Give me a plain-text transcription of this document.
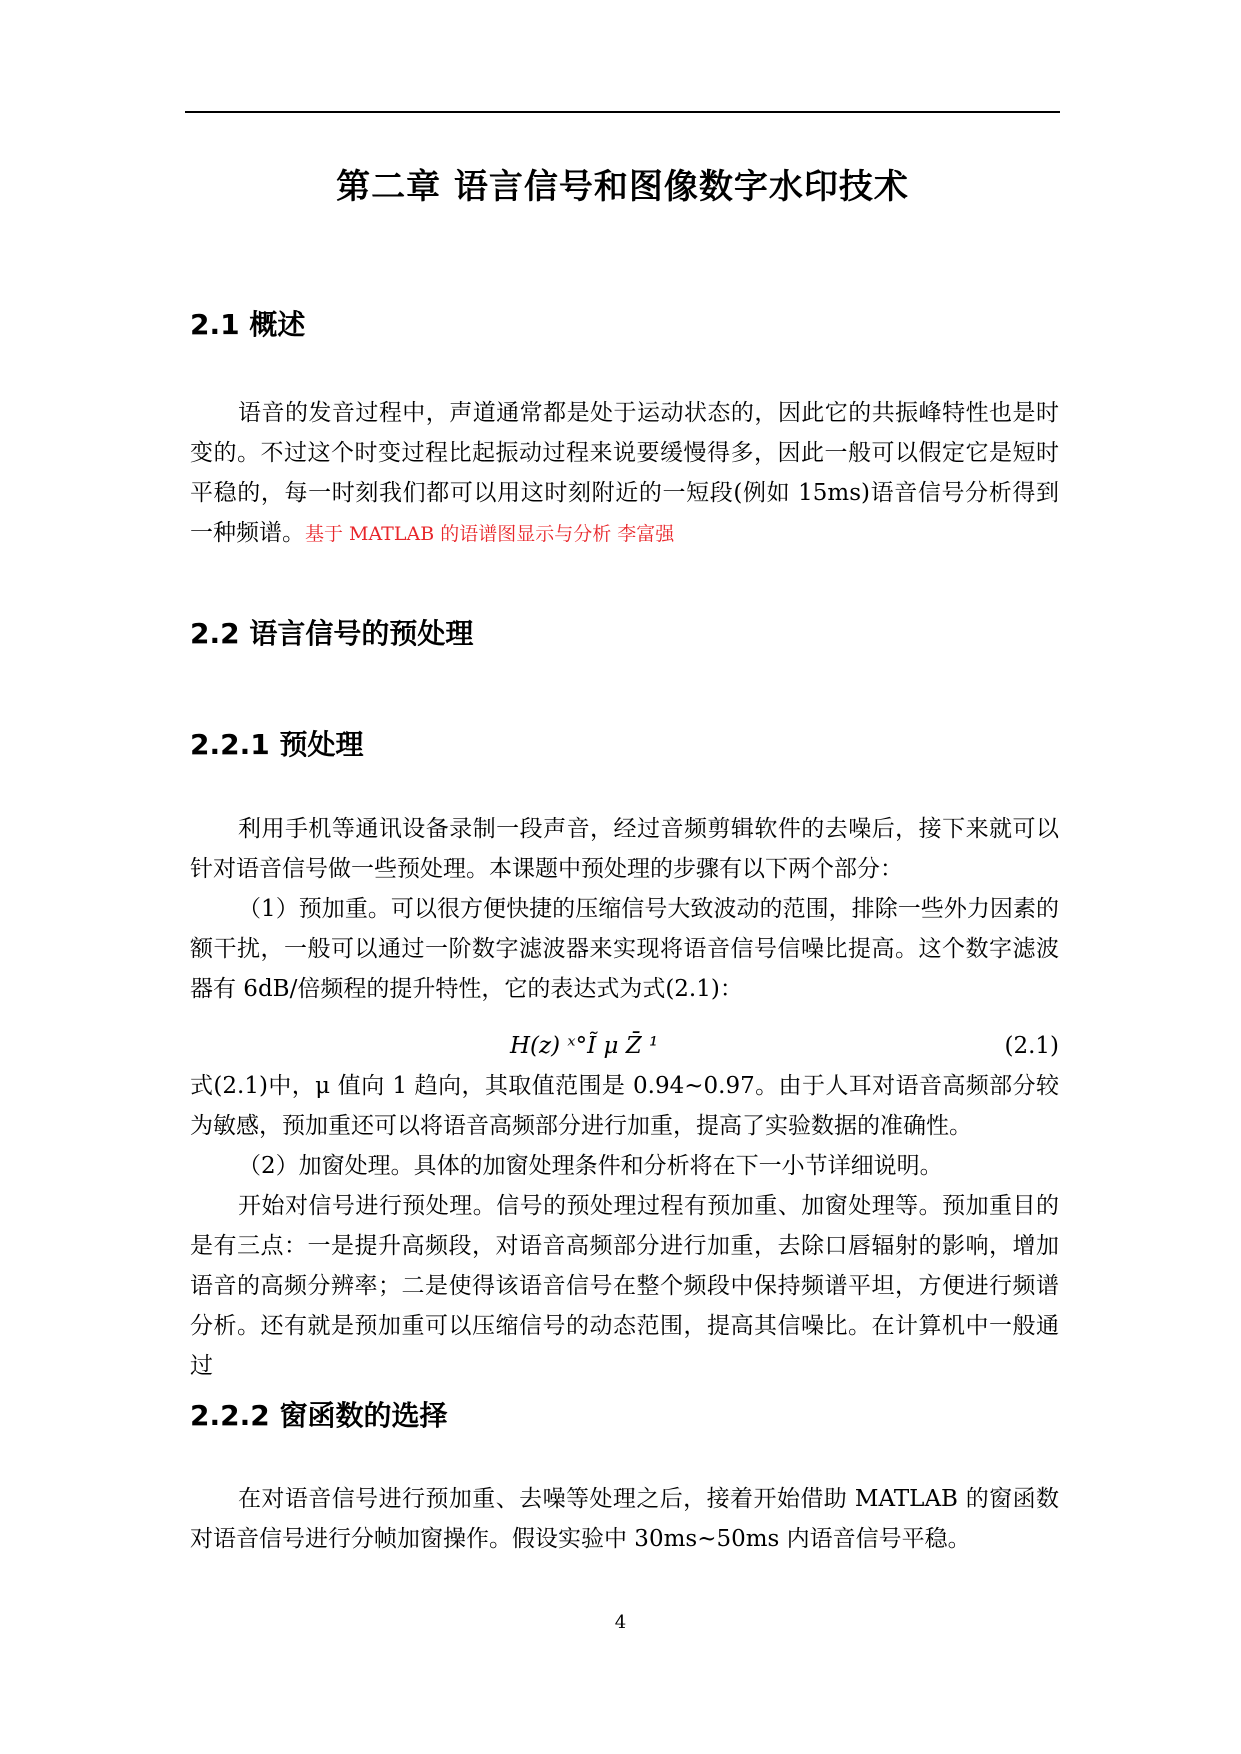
第二章 语言信号和图像数字水印技术
2.1 概述

语音的发音过程中，声道通常都是处于运动状态的，因此它的共振峰特性也是时变的。不过这个时变过程比起振动过程来说要缓慢得多，因此一般可以假定它是短时平稳的，每一时刻我们都可以用这时刻附近的一短段(例如 15ms)语音信号分析得到一种频谱。基于 MATLAB 的语谱图显示与分析 李富强

2.2 语言信号的预处理
2.2.1 预处理

利用手机等通讯设备录制一段声音，经过音频剪辑软件的去噪后，接下来就可以针对语音信号做一些预处理。本课题中预处理的步骤有以下两个部分：

（1）预加重。可以很方便快捷的压缩信号大致波动的范围，排除一些外力因素的额干扰，一般可以通过一阶数字滤波器来实现将语音信号信噪比提高。这个数字滤波器有 6dB/倍频程的提升特性，它的表达式为式(2.1)：

H(z) ˣ°Ĩ μ Z̄ ¹	(2.1)

式(2.1)中，μ 值向 1 趋向，其取值范围是 0.94~0.97。由于人耳对语音高频部分较为敏感，预加重还可以将语音高频部分进行加重，提高了实验数据的准确性。

（2）加窗处理。具体的加窗处理条件和分析将在下一小节详细说明。

开始对信号进行预处理。信号的预处理过程有预加重、加窗处理等。预加重目的是有三点：一是提升高频段，对语音高频部分进行加重，去除口唇辐射的影响，增加语音的高频分辨率；二是使得该语音信号在整个频段中保持频谱平坦，方便进行频谱分析。还有就是预加重可以压缩信号的动态范围，提高其信噪比。在计算机中一般通过

2.2.2 窗函数的选择

在对语音信号进行预加重、去噪等处理之后，接着开始借助 MATLAB 的窗函数对语音信号进行分帧加窗操作。假设实验中 30ms~50ms 内语音信号平稳。

4
